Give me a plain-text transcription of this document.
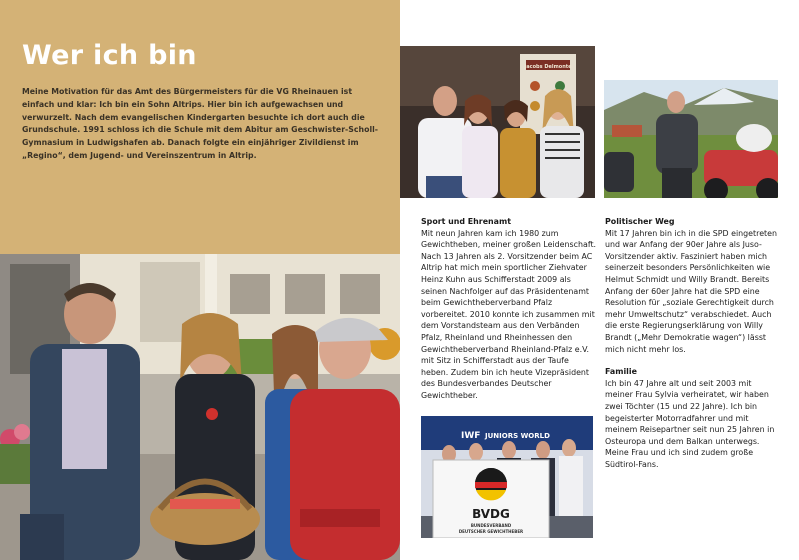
Wer ich bin

Meine Motivation für das Amt des Bürgermeisters für die VG Rheinauen ist einfach und klar: Ich bin ein Sohn Altrips. Hier bin ich aufgewachsen und verwurzelt. Nach dem evangelischen Kindergarten besuchte ich dort auch die Grundschule. 1991 schloss ich die Schule mit dem Abitur am Geschwister-Scholl-Gymnasium in Ludwigshafen ab. Danach folgte ein einjähriger Zivildienst im „Regino“, dem Jugend- und Vereinszentrum in Altrip.

Jacobs Delmonte
IWF JUNIORS WORLD
BVDG
BUNDESVERBAND
DEUTSCHER GEWICHTHEBER
Sport und Ehrenamt

Mit neun Jahren kam ich 1980 zum Gewichtheben, meiner großen Leidenschaft. Nach 13 Jahren als 2. Vorsitzender beim AC Altrip hat mich mein sportlicher Ziehvater Heinz Kuhn aus Schifferstadt 2009 als seinen Nachfolger auf das Präsidentenamt beim Gewichtheberverband Pfalz vorbereitet. 2010 konnte ich zusammen mit dem Vorstandsteam aus den Verbänden Pfalz, Rheinland und Rheinhessen den Gewichtheberverband Rheinland-Pfalz e.V. mit Sitz in Schifferstadt aus der Taufe heben. Zudem bin ich heute Vizepräsident des Bundesverbandes Deutscher Gewichtheber.

Politischer Weg

Mit 17 Jahren bin ich in die SPD eingetreten und war Anfang der 90er Jahre als Juso-Vorsitzender aktiv. Fasziniert haben mich seinerzeit besonders Persönlichkeiten wie Helmut Schmidt und Willy Brandt. Bereits Anfang der 60er Jahre hat die SPD eine Resolution für „soziale Gerechtigkeit durch mehr Umweltschutz“ verabschiedet. Auch die erste Regierungserklärung von Willy Brandt („Mehr Demokratie wagen“) lässt mich nicht mehr los.

Familie

Ich bin 47 Jahre alt und seit 2003 mit meiner Frau Sylvia verheiratet, wir haben zwei Töchter (15 und 22 Jahre). Ich bin begeisterter Motorradfahrer und mit meinem Reisepartner seit nun 25 Jahren in Osteuropa und dem Balkan unterwegs. Meine Frau und ich sind zudem große Südtirol-Fans.
